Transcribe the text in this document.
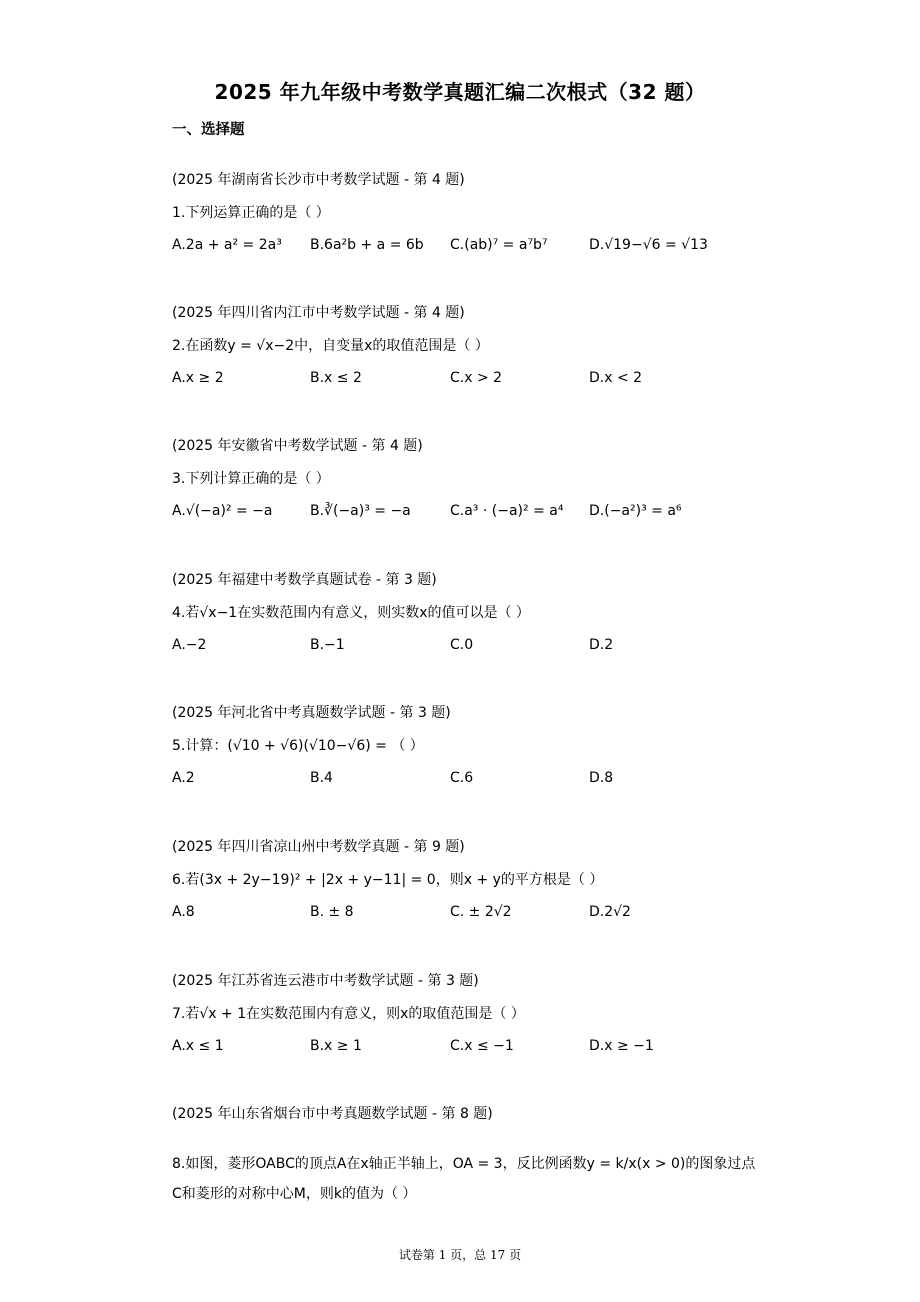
2025 年九年级中考数学真题汇编二次根式（32 题）
一、选择题
(2025 年湖南省长沙市中考数学试题 - 第 4 题)
1.下列运算正确的是（ ）
A.2a + a² = 2a³ B.6a²b + a = 6b C.(ab)⁷ = a⁷b⁷	D.√19−√6 = √13
(2025 年四川省内江市中考数学试题 - 第 4 题)
2.在函数y = √x−2中，自变量x的取值范围是（ ）
A.x ≥ 2	B.x ≤ 2	C.x > 2	D.x < 2
(2025 年安徽省中考数学试题 - 第 4 题)
3.下列计算正确的是（ ）
A.√(−a)² = −a	B.∛(−a)³ = −a	C.a³ · (−a)² = a⁴ D.(−a²)³ = a⁶
(2025 年福建中考数学真题试卷 - 第 3 题)
4.若√x−1在实数范围内有意义，则实数x的值可以是（ ）
A.−2	B.−1	C.0	D.2
(2025 年河北省中考真题数学试题 - 第 3 题)
5.计算：(√10 + √6)(√10−√6) = （ ）
A.2	B.4	C.6	D.8
(2025 年四川省凉山州中考数学真题 - 第 9 题)
6.若(3x + 2y−19)² + |2x + y−11| = 0，则x + y的平方根是（ ）
A.8	B. ± 8	C. ± 2√2	D.2√2
(2025 年江苏省连云港市中考数学试题 - 第 3 题)
7.若√x + 1在实数范围内有意义，则x的取值范围是（ ）
A.x ≤ 1	B.x ≥ 1	C.x ≤ −1	D.x ≥ −1
(2025 年山东省烟台市中考真题数学试题 - 第 8 题)
8.如图，菱形OABC的顶点A在x轴正半轴上，OA = 3，反比例函数y = k/x(x > 0)的图象过点
C和菱形的对称中心M，则k的值为（ ）
试卷第 1 页，总 17 页
